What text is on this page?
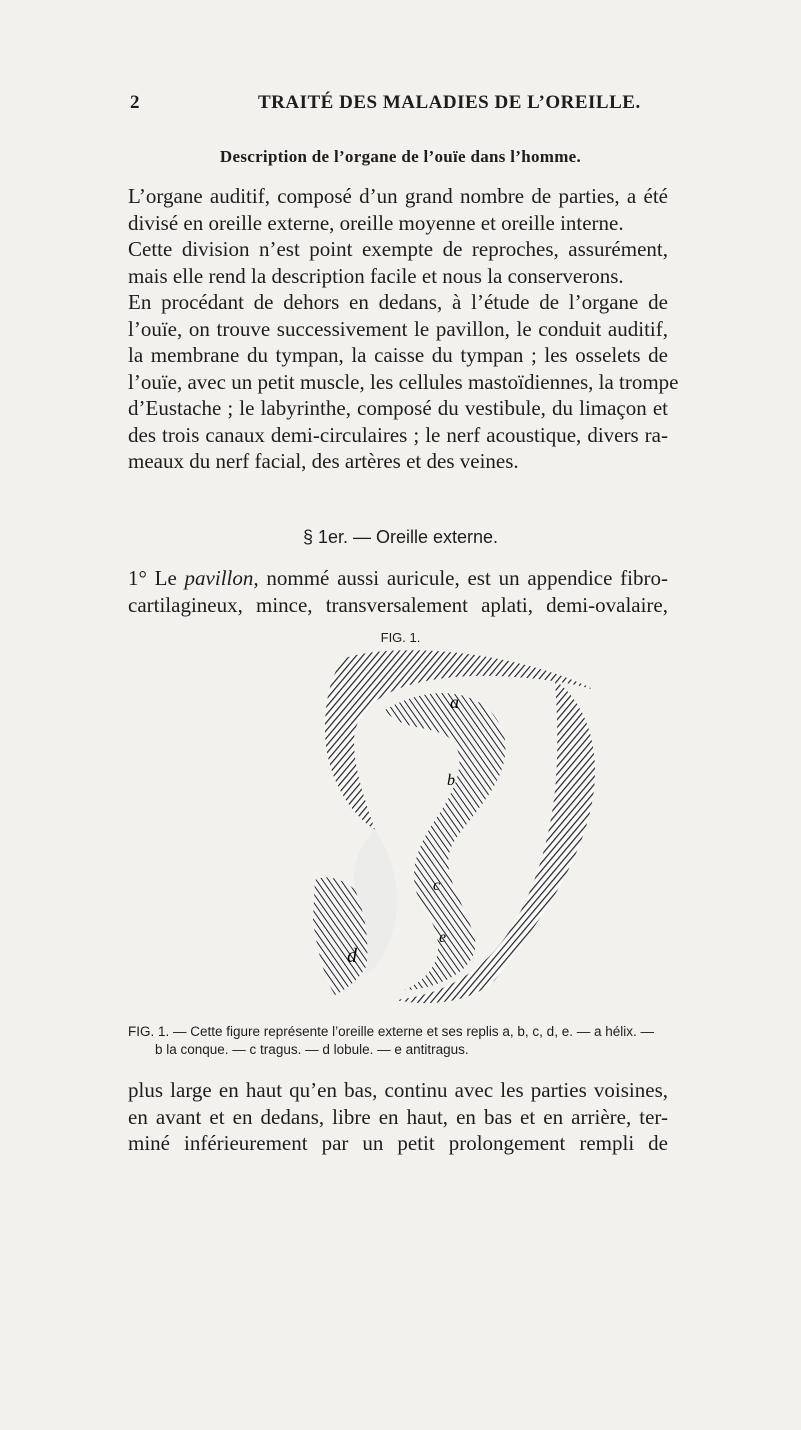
2	TRAITÉ DES MALADIES DE L’OREILLE.
Description de l’organe de l’ouïe dans l’homme.
L’organe auditif, composé d’un grand nombre de parties, a été
divisé en oreille externe, oreille moyenne et oreille interne.
Cette division n’est point exempte de reproches, assurément,
mais elle rend la description facile et nous la conserverons.
En procédant de dehors en dedans, à l’étude de l’organe de
l’ouïe, on trouve successivement le pavillon, le conduit auditif,
la membrane du tympan, la caisse du tympan ; les osselets de
l’ouïe, avec un petit muscle, les cellules mastoïdiennes, la trompe
d’Eustache ; le labyrinthe, composé du vestibule, du limaçon et
des trois canaux demi-circulaires ; le nerf acoustique, divers ra-
meaux du nerf facial, des artères et des veines.
§ 1er. — Oreille externe.
1° Le pavillon, nommé aussi auricule, est un appendice fibro-
cartilagineux, mince, transversalement aplati, demi-ovalaire,
FIG. 1.
a
b
c
d
e
FIG. 1. — Cette figure représente l’oreille externe et ses replis a, b, c, d, e. — a hélix. —
b la conque. — c tragus. — d lobule. — e antitragus.
plus large en haut qu’en bas, continu avec les parties voisines,
en avant et en dedans, libre en haut, en bas et en arrière, ter-
miné inférieurement par un petit prolongement rempli de
